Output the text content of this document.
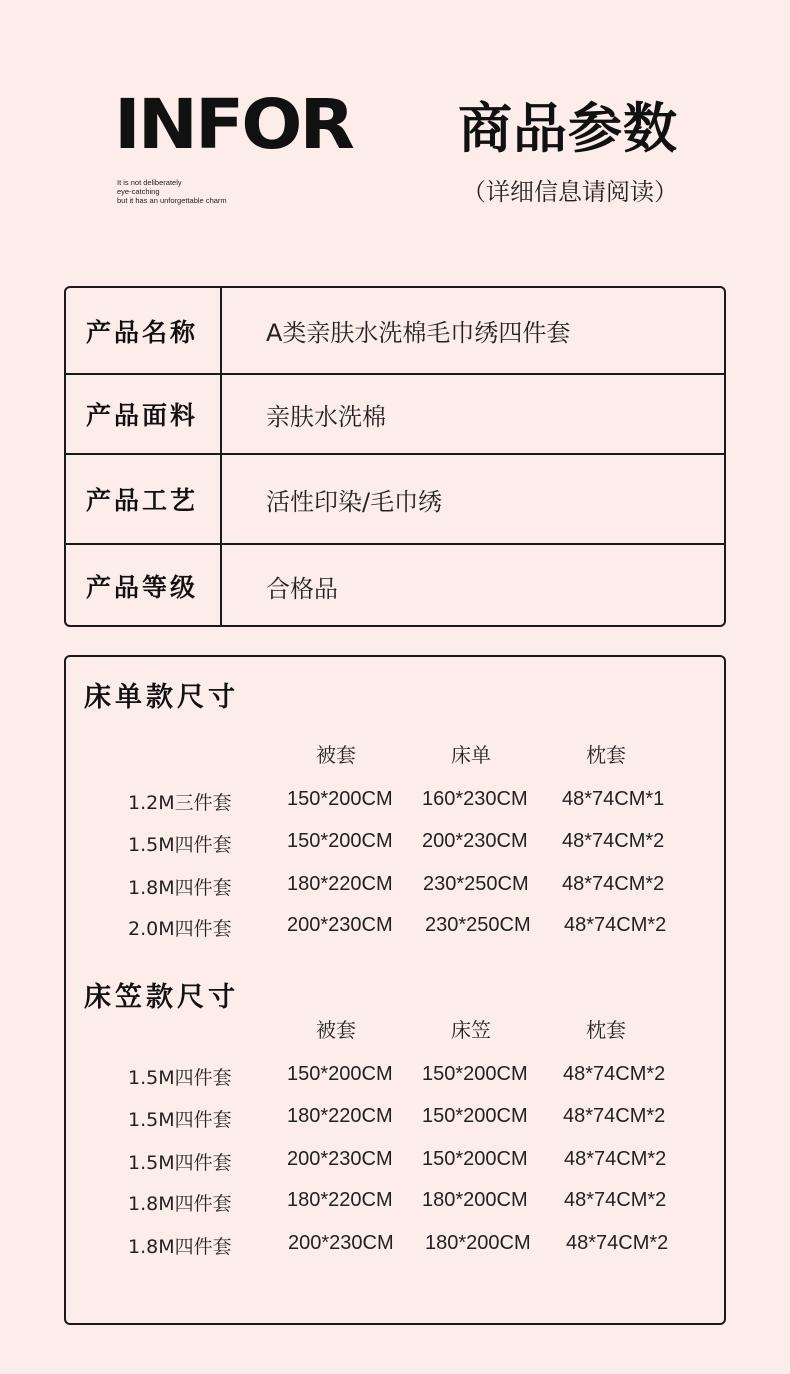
INFOR
It is not deliberately
eye-catching
but it has an unforgettable charm
商品参数
（详细信息请阅读）
产品名称	A类亲肤水洗棉毛巾绣四件套
产品面料	亲肤水洗棉
产品工艺	活性印染/毛巾绣
产品等级	合格品
床单款尺寸
被套	床单	枕套
1.2M三件套	150*200CM 160*230CM 48*74CM*1
1.5M四件套	150*200CM 200*230CM 48*74CM*2
1.8M四件套	180*220CM 230*250CM 48*74CM*2
2.0M四件套	200*230CM 230*250CM 48*74CM*2
床笠款尺寸
被套	床笠	枕套
1.5M四件套	150*200CM 150*200CM 48*74CM*2
1.5M四件套	180*220CM 150*200CM 48*74CM*2
1.5M四件套	200*230CM 150*200CM 48*74CM*2
1.8M四件套	180*220CM 180*200CM 48*74CM*2
1.8M四件套	200*230CM 180*200CM 48*74CM*2
